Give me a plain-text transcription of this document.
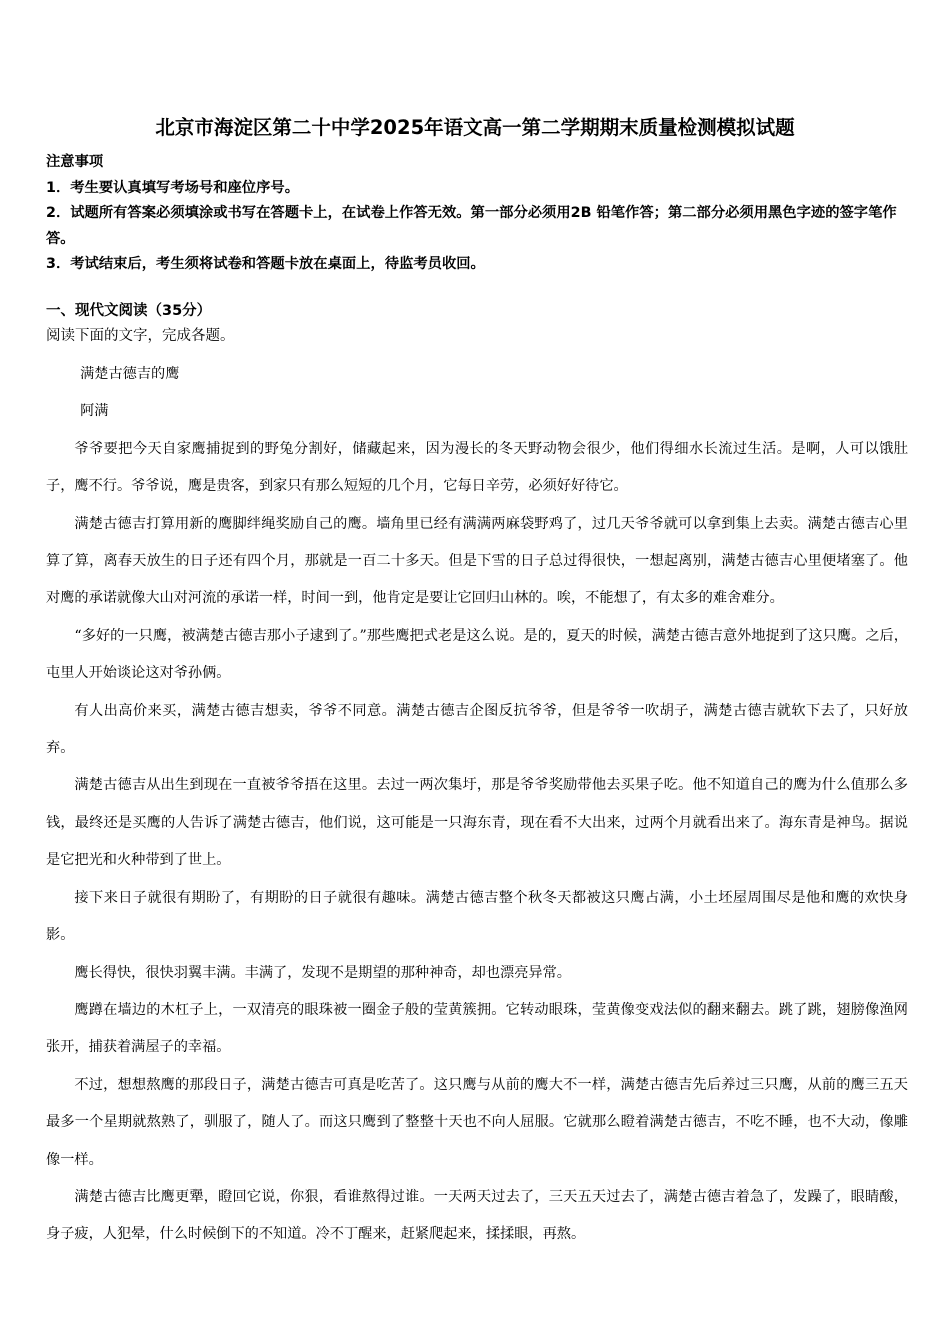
北京市海淀区第二十中学2025年语文高一第二学期期末质量检测模拟试题
注意事项
1．考生要认真填写考场号和座位序号。
2．试题所有答案必须填涂或书写在答题卡上，在试卷上作答无效。第一部分必须用2B 铅笔作答；第二部分必须用黑色字迹的签字笔作答。
3．考试结束后，考生须将试卷和答题卡放在桌面上，待监考员收回。
一、现代文阅读（35分）
阅读下面的文字，完成各题。

满楚古德吉的鹰

阿满

爷爷要把今天自家鹰捕捉到的野兔分割好，储藏起来，因为漫长的冬天野动物会很少，他们得细水长流过生活。是啊，人可以饿肚子，鹰不行。爷爷说，鹰是贵客，到家只有那么短短的几个月，它每日辛劳，必须好好待它。

满楚古德吉打算用新的鹰脚绊绳奖励自己的鹰。墙角里已经有满满两麻袋野鸡了，过几天爷爷就可以拿到集上去卖。满楚古德吉心里算了算，离春天放生的日子还有四个月，那就是一百二十多天。但是下雪的日子总过得很快，一想起离别，满楚古德吉心里便堵塞了。他对鹰的承诺就像大山对河流的承诺一样，时间一到，他肯定是要让它回归山林的。唉，不能想了，有太多的难舍难分。

“多好的一只鹰，被满楚古德吉那小子逮到了。”那些鹰把式老是这么说。是的，夏天的时候，满楚古德吉意外地捉到了这只鹰。之后，屯里人开始谈论这对爷孙俩。

有人出高价来买，满楚古德吉想卖，爷爷不同意。满楚古德吉企图反抗爷爷，但是爷爷一吹胡子，满楚古德吉就软下去了，只好放弃。

满楚古德吉从出生到现在一直被爷爷捂在这里。去过一两次集圩，那是爷爷奖励带他去买果子吃。他不知道自己的鹰为什么值那么多钱，最终还是买鹰的人告诉了满楚古德吉，他们说，这可能是一只海东青，现在看不大出来，过两个月就看出来了。海东青是神鸟。据说是它把光和火种带到了世上。

接下来日子就很有期盼了，有期盼的日子就很有趣味。满楚古德吉整个秋冬天都被这只鹰占满，小土坯屋周围尽是他和鹰的欢快身影。

鹰长得快，很快羽翼丰满。丰满了，发现不是期望的那种神奇，却也漂亮异常。

鹰蹲在墙边的木杠子上，一双清亮的眼珠被一圈金子般的莹黄簇拥。它转动眼珠，莹黄像变戏法似的翻来翻去。跳了跳，翅膀像渔网张开，捕获着满屋子的幸福。

不过，想想熬鹰的那段日子，满楚古德吉可真是吃苦了。这只鹰与从前的鹰大不一样，满楚古德吉先后养过三只鹰，从前的鹰三五天最多一个星期就熬熟了，驯服了，随人了。而这只鹰到了整整十天也不向人屈服。它就那么瞪着满楚古德吉，不吃不睡，也不大动，像雕像一样。

满楚古德吉比鹰更犟，瞪回它说，你狠，看谁熬得过谁。一天两天过去了，三天五天过去了，满楚古德吉着急了，发躁了，眼睛酸，身子疲，人犯晕，什么时候倒下的不知道。冷不丁醒来，赶紧爬起来，揉揉眼，再熬。
